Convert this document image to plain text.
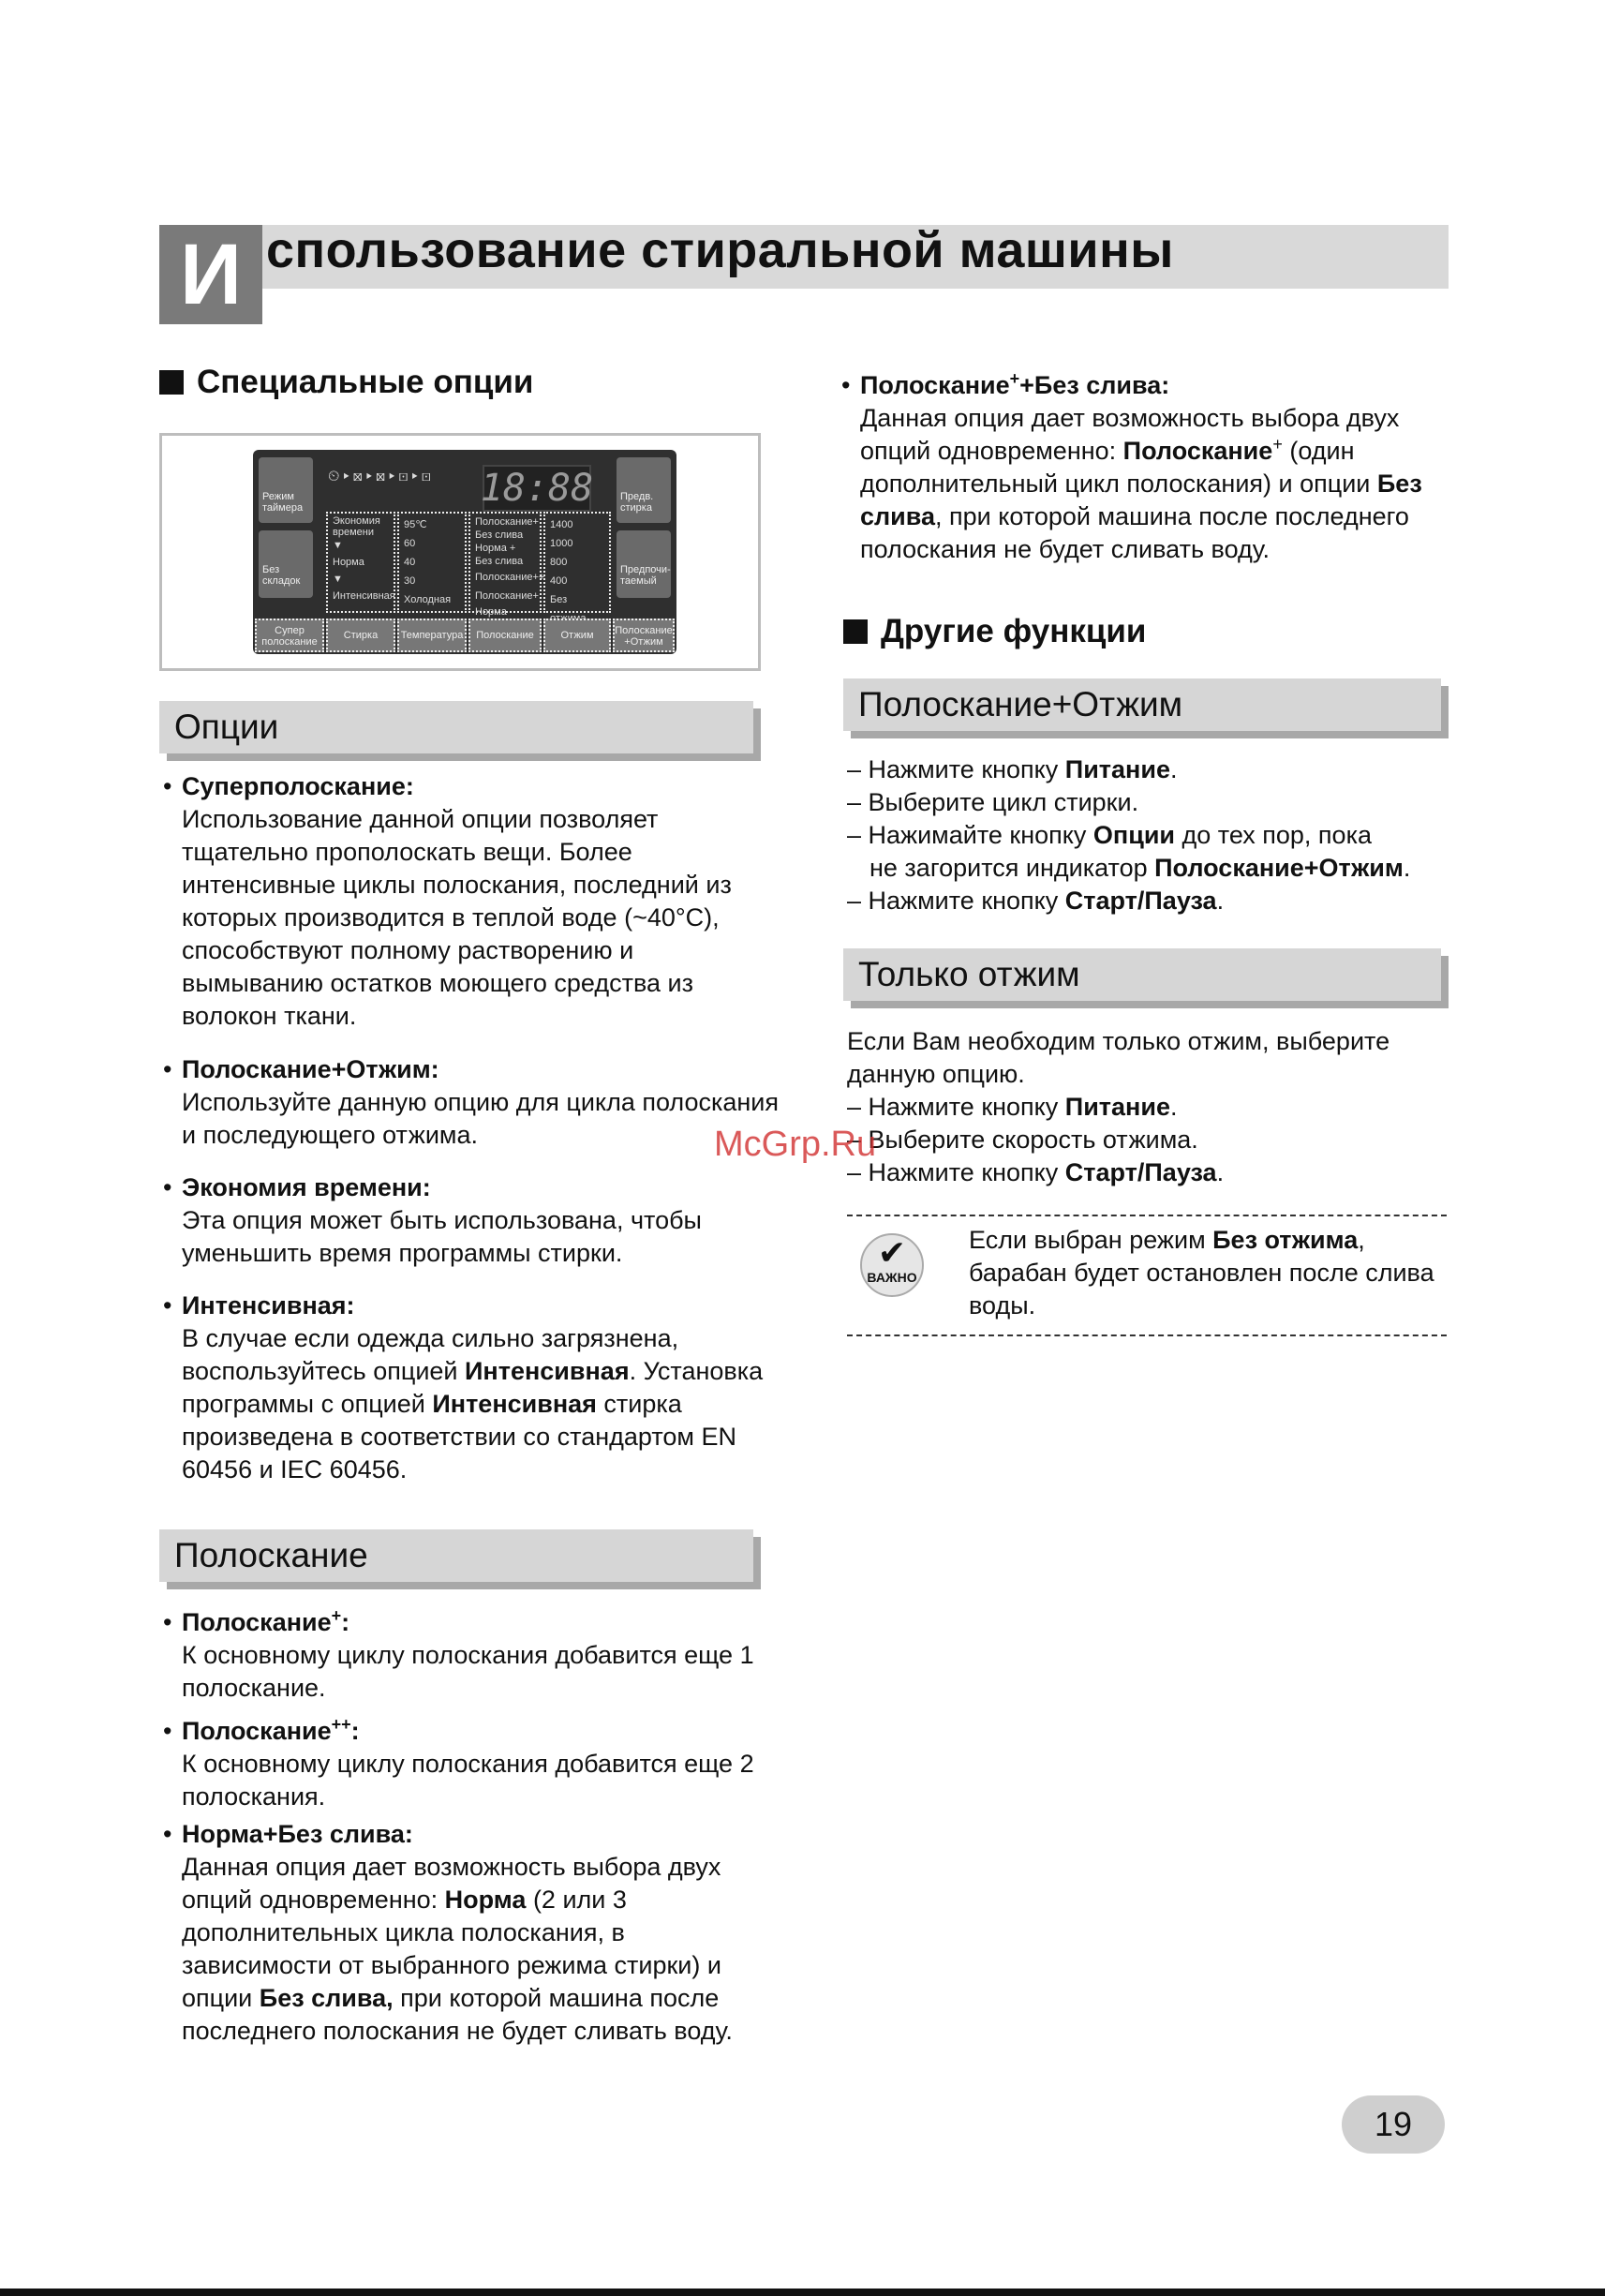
И спользование стиральной машины
Специальные опции
Режим таймера
Без складок
Предв. стирка
Предпочи-таемый
⏲▸⊠▸⊠▸⊡▸⊡ 18:88
Экономия времени
▼
Норма
▼
Интенсивная
95℃
60
40
30
Холодная
Полоскание+ Без слива
Норма + Без слива
Полоскание++
Полоскание+
Норма
1400
1000
800
400
Без
Супер полоскание
Стирка	Температура	Полоскание	Отжим	Полоскание +Отжим
Опции
• Суперполоскание:
Использование данной опции позволяет тщательно прополоскать вещи. Более интенсивные циклы полоскания, последний из которых производится в теплой воде (~40°C), способствуют полному растворению и вымыванию остатков моющего средства из волокон ткани.
• Полоскание+Отжим:
Используйте данную опцию для цикла полоскания и последующего отжима.
• Экономия времени:
Эта опция может быть использована, чтобы уменьшить время программы стирки.
• Интенсивная:
В случае если одежда сильно загрязнена, воспользуйтесь опцией Интенсивная. Установка программы с опцией Интенсивная стирка произведена в соответствии со стандартом EN 60456 и IEC 60456.
Полоскание
• Полоскание+:
К основному циклу полоскания добавится еще 1 полоскание.
• Полоскание++:
К основному циклу полоскания добавится еще 2 полоскания.
• Норма+Без слива:
Данная опция дает возможность выбора двух опций одновременно: Норма (2 или 3 дополнительных цикла полоскания, в зависимости от выбранного режима стирки) и опции Без слива, при которой машина после последнего полоскания не будет сливать воду.
• Полоскание++Без слива:
Данная опция дает возможность выбора двух опций одновременно: Полоскание+ (один дополнительный цикл полоскания) и опции Без слива, при которой машина после последнего полоскания не будет сливать воду.
Другие функции
Полоскание+Отжим
– Нажмите кнопку Питание.
– Выберите цикл стирки.
– Нажимайте кнопку Опции до тех пор, пока
не загорится индикатор Полоскание+Отжим.
– Нажмите кнопку Старт/Пауза.
Только отжим
Если Вам необходим только отжим, выберите данную опцию.
– Нажмите кнопку Питание.
– Выберите скорость отжима.
– Нажмите кнопку Старт/Пауза.
✔
ВАЖНО
Если выбран режим Без отжима, барабан будет остановлен после слива воды.
McGrp.Ru
19
